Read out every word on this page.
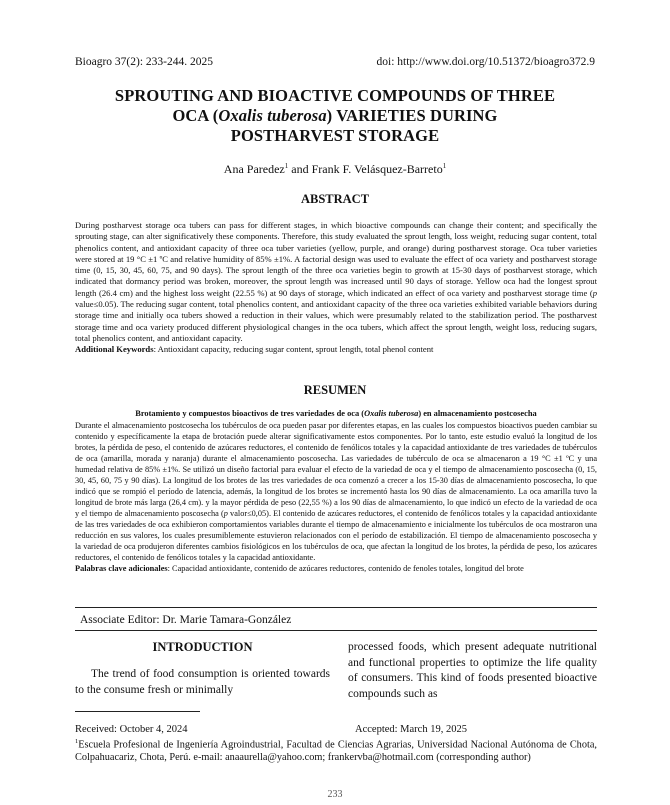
Bioagro 37(2): 233-244. 2025	doi: http://www.doi.org/10.51372/bioagro372.9
SPROUTING AND BIOACTIVE COMPOUNDS OF THREE
OCA (Oxalis tuberosa) VARIETIES DURING
POSTHARVEST STORAGE
Ana Paredez$^1$ and Frank F. Velásquez-Barreto$^1$
ABSTRACT
During postharvest storage oca tubers can pass for different stages, in which bioactive compounds can change their content; and specifically the sprouting stage, can alter significatively these components. Therefore, this study evaluated the sprout length, loss weight, reducing sugar content, total phenolics content, and antioxidant capacity of three oca tuber varieties (yellow, purple, and orange) during postharvest storage. Oca tuber varieties were stored at 19 °C ±1 ºC and relative humidity of 85% ±1%. A factorial design was used to evaluate the effect of oca variety and postharvest storage time (0, 15, 30, 45, 60, 75, and 90 days). The sprout length of the three oca varieties begin to growth at 15-30 days of postharvest storage, which indicated that dormancy period was broken, moreover, the sprout length was increased until 90 days of storage. Yellow oca had the longest sprout length (26.4 cm) and the highest loss weight (22.55 %) at 90 days of storage, which indicated an effect of oca variety and postharvest storage time (p value≤0.05). The reducing sugar content, total phenolics content, and antioxidant capacity of the three oca varieties exhibited variable behaviors during storage time and initially oca tubers showed a reduction in their values, which were presumably related to the stabilization period. The postharvest storage time and oca variety produced different physiological changes in the oca tubers, which affect the sprout length, weight loss, reducing sugars, total phenolics content, and antioxidant capacity.
Additional Keywords: Antioxidant capacity, reducing sugar content, sprout length, total phenol content
RESUMEN
Brotamiento y compuestos bioactivos de tres variedades de oca (Oxalis tuberosa) en almacenamiento postcosecha
Durante el almacenamiento postcosecha los tubérculos de oca pueden pasar por diferentes etapas, en las cuales los compuestos bioactivos pueden cambiar su contenido y específicamente la etapa de brotación puede alterar significativamente estos componentes. Por lo tanto, este estudio evaluó la longitud de los brotes, la pérdida de peso, el contenido de azúcares reductores, el contenido de fenólicos totales y la capacidad antioxidante de tres variedades de tubérculos de oca (amarilla, morada y naranja) durante el almacenamiento poscosecha. Las variedades de tubérculo de oca se almacenaron a 19 °C ±1 ºC y una humedad relativa de 85% ±1%. Se utilizó un diseño factorial para evaluar el efecto de la variedad de oca y el tiempo de almacenamiento poscosecha (0, 15, 30, 45, 60, 75 y 90 días). La longitud de los brotes de las tres variedades de oca comenzó a crecer a los 15-30 días de almacenamiento poscosecha, lo que indicó que se rompió el período de latencia, además, la longitud de los brotes se incrementó hasta los 90 días de almacenamiento. La oca amarilla tuvo la longitud de brote más larga (26,4 cm). y la mayor pérdida de peso (22,55 %) a los 90 días de almacenamiento, lo que indicó un efecto de la variedad de oca y el tiempo de almacenamiento poscosecha (p valor≤0,05). El contenido de azúcares reductores, el contenido de fenólicos totales y la capacidad antioxidante de las tres variedades de oca exhibieron comportamientos variables durante el tiempo de almacenamiento e inicialmente los tubérculos de oca mostraron una reducción en sus valores, los cuales presumiblemente estuvieron relacionados con el período de estabilización. El tiempo de almacenamiento poscosecha y la variedad de oca produjeron diferentes cambios fisiológicos en los tubérculos de oca, que afectan la longitud de los brotes, la pérdida de peso, los azúcares reductores, el contenido de fenólicos totales y la capacidad antioxidante.
Palabras clave adicionales: Capacidad antioxidante, contenido de azúcares reductores, contenido de fenoles totales, longitud del brote
Associate Editor: Dr. Marie Tamara-González
INTRODUCTION
The trend of food consumption is oriented towards to the consume fresh or minimally
processed foods, which present adequate nutritional and functional properties to optimize the life quality of consumers. This kind of foods presented bioactive compounds such as
Received: October 4, 2024	Accepted: March 19, 2025
$^1$Escuela Profesional de Ingeniería Agroindustrial, Facultad de Ciencias Agrarias, Universidad Nacional Autónoma de Chota, Colpahuacariz, Chota, Perú. e-mail: anaaurella@yahoo.com; frankervba@hotmail.com (corresponding author)
233
